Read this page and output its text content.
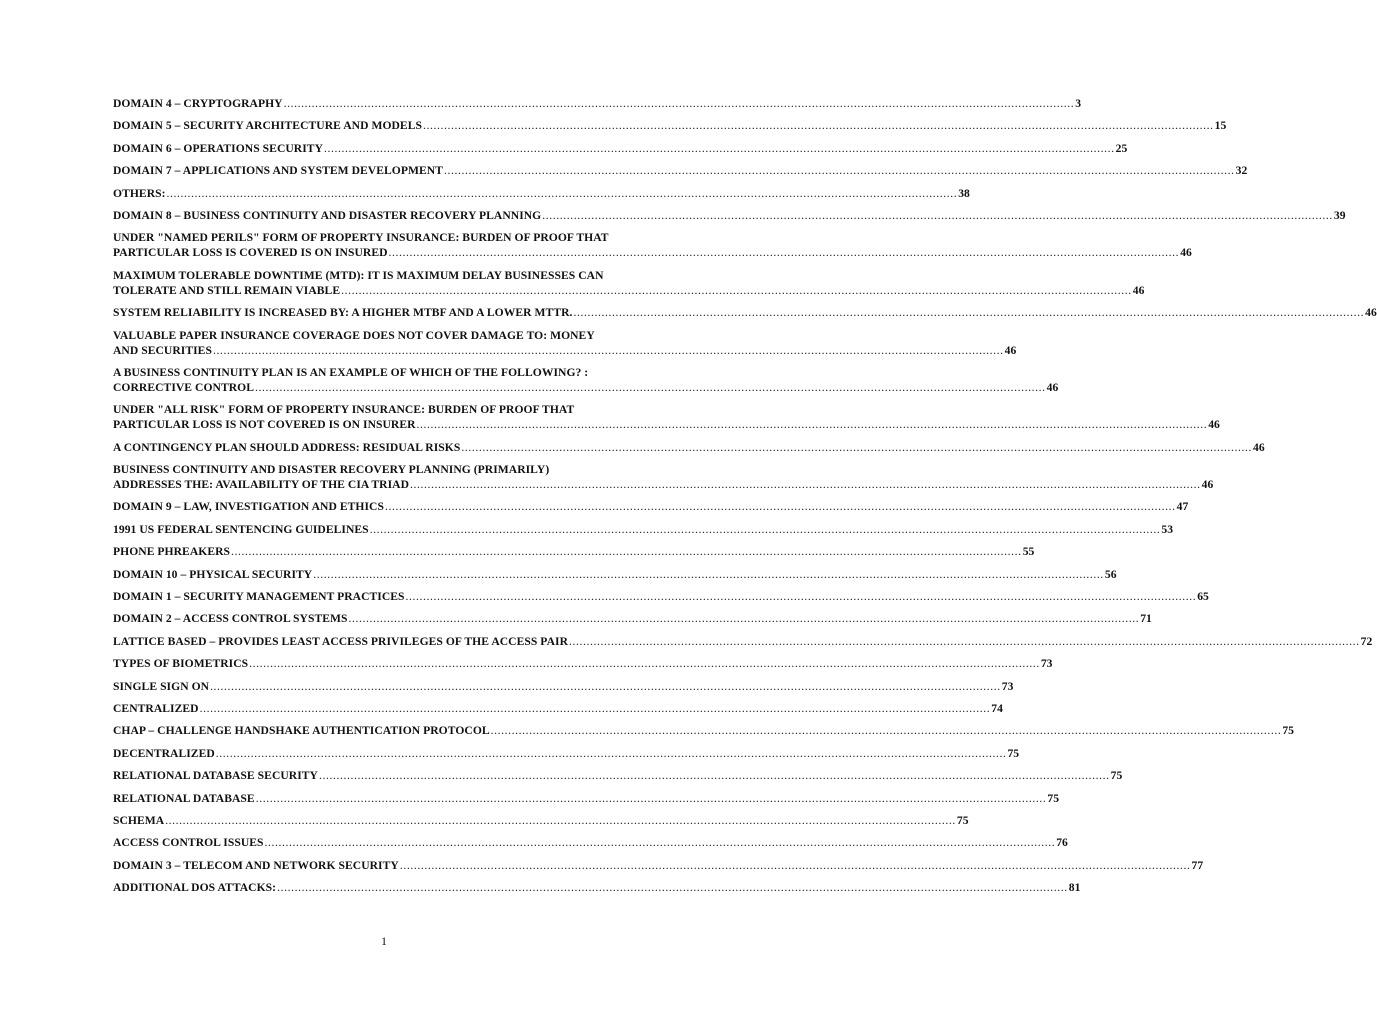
DOMAIN 4 – CRYPTOGRAPHY .....	3
DOMAIN 5 – SECURITY ARCHITECTURE AND MODELS .....	15
DOMAIN 6 – OPERATIONS SECURITY .....	25
DOMAIN 7 – APPLICATIONS AND SYSTEM DEVELOPMENT .....	32
OTHERS: .....	38
DOMAIN 8 – BUSINESS CONTINUITY AND DISASTER RECOVERY PLANNING .....	39
UNDER "NAMED PERILS" FORM OF PROPERTY INSURANCE: BURDEN OF PROOF THAT
PARTICULAR LOSS IS COVERED IS ON INSURED .....	46
MAXIMUM TOLERABLE DOWNTIME (MTD): IT IS MAXIMUM DELAY BUSINESSES CAN
TOLERATE AND STILL REMAIN VIABLE .....	46
SYSTEM RELIABILITY IS INCREASED BY: A HIGHER MTBF AND A LOWER MTTR. .....	46
VALUABLE PAPER INSURANCE COVERAGE DOES NOT COVER DAMAGE TO: MONEY
AND SECURITIES .....	46
A BUSINESS CONTINUITY PLAN IS AN EXAMPLE OF WHICH OF THE FOLLOWING? :
CORRECTIVE CONTROL .....	46
UNDER "ALL RISK" FORM OF PROPERTY INSURANCE: BURDEN OF PROOF THAT
PARTICULAR LOSS IS NOT COVERED IS ON INSURER .....	46
A CONTINGENCY PLAN SHOULD ADDRESS: RESIDUAL RISKS .....	46
BUSINESS CONTINUITY AND DISASTER RECOVERY PLANNING (PRIMARILY)
ADDRESSES THE: AVAILABILITY OF THE CIA TRIAD .....	46
DOMAIN 9 – LAW, INVESTIGATION AND ETHICS .....	47
1991 US FEDERAL SENTENCING GUIDELINES .....	53
PHONE PHREAKERS .....	55
DOMAIN 10 – PHYSICAL SECURITY .....	56
DOMAIN 1 – SECURITY MANAGEMENT PRACTICES .....	65
DOMAIN 2 – ACCESS CONTROL SYSTEMS .....	71
LATTICE BASED – PROVIDES LEAST ACCESS PRIVILEGES OF THE ACCESS PAIR .....	72
TYPES OF BIOMETRICS .....	73
SINGLE SIGN ON .....	73
CENTRALIZED .....	74
CHAP – CHALLENGE HANDSHAKE AUTHENTICATION PROTOCOL .....	75
DECENTRALIZED .....	75
RELATIONAL DATABASE SECURITY .....	75
RELATIONAL DATABASE .....	75
SCHEMA .....	75
ACCESS CONTROL ISSUES .....	76
DOMAIN 3 – TELECOM AND NETWORK SECURITY .....	77
ADDITIONAL DOS ATTACKS: .....	81
1
